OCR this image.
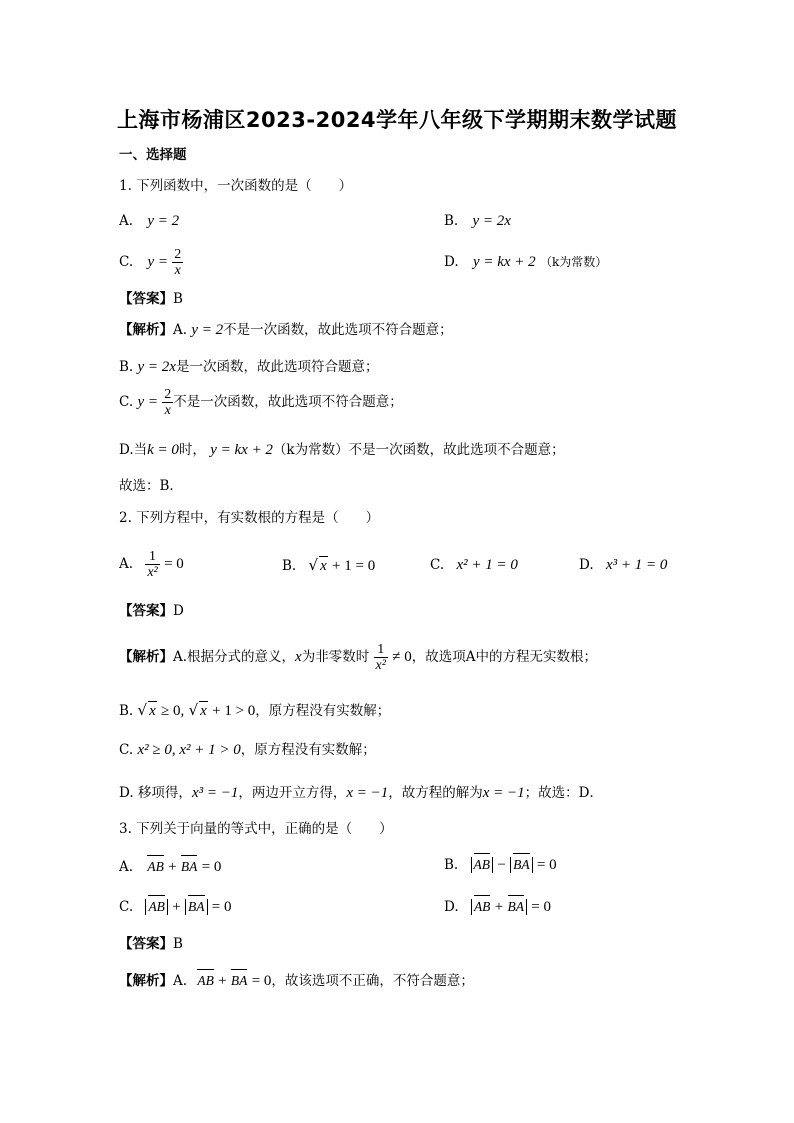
上海市杨浦区2023-2024学年八年级下学期期末数学试题
一、选择题
1. 下列函数中，一次函数的是（　　）
A. y = 2	B. y = 2x
C. $y = \frac{2}{x}$	D. y = kx + 2 （k为常数）
【答案】B
【解析】A. y = 2不是一次函数，故此选项不符合题意；
B. y = 2x是一次函数，故此选项符合题意；
C. $y = \frac{2}{x}$ 不是一次函数，故此选项不符合题意；
D.当k = 0时， y = kx + 2（k为常数）不是一次函数，故此选项不合题意；
故选：B．
2. 下列方程中，有实数根的方程是（　　）
A. $\frac{1}{\text{x²}} = 0$	B. √ x + 1 = 0	C. x² + 1 = 0	D. x³ + 1 = 0
【答案】D
【解析】A.根据分式的意义，x为非零数时 $\frac{1}{\text{x²}} \ne 0$，故选项A中的方程无实数根；
B. √ x ≥ 0, √ x + 1 > 0，原方程没有实数解；
C. x² ≥ 0, x² + 1 > 0，原方程没有实数解；
D. 移项得，x³ = −1，两边开立方得，x = −1，故方程的解为x = −1；故选：D．
3. 下列关于向量的等式中，正确的是（　　）
A. AB + BA = 0	B. AB − BA = 0
C. AB + BA = 0	D. AB + BA = 0
【答案】B
【解析】A. AB + BA = 0，故该选项不正确，不符合题意；
